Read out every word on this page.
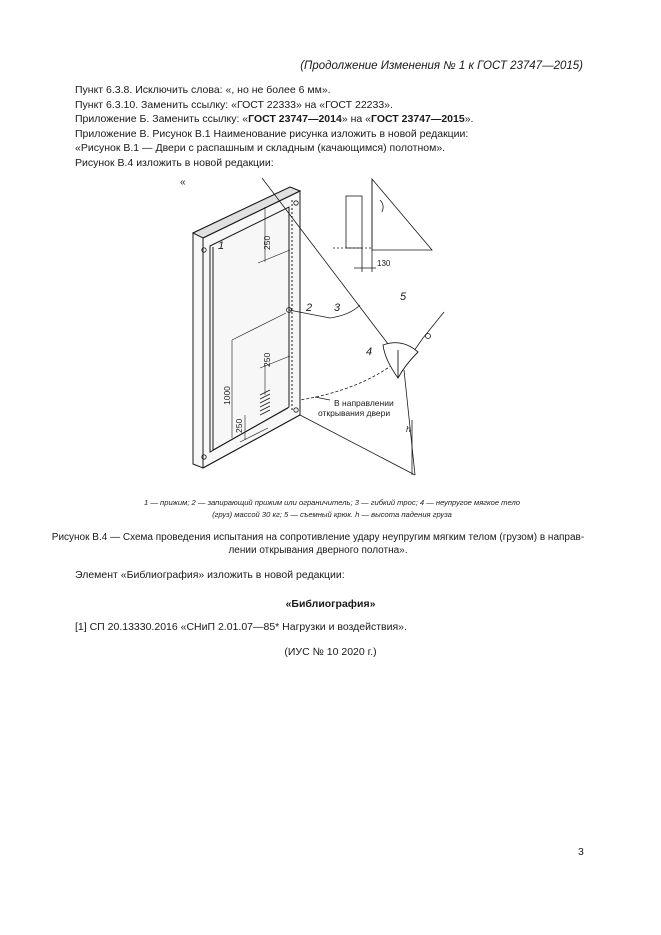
(Продолжение Изменения № 1 к ГОСТ 23747—2015)
Пункт 6.3.8. Исключить слова: «, но не более 6 мм».
Пункт 6.3.10. Заменить ссылку: «ГОСТ 22333» на «ГОСТ 22233».
Приложение Б. Заменить ссылку: «ГОСТ 23747—2014» на «ГОСТ 23747—2015».
Приложение В. Рисунок В.1 Наименование рисунка изложить в новой редакции:
«Рисунок В.1 — Двери с распашным и складным (качающимся) полотном».
Рисунок В.4 изложить в новой редакции:
«
250
250
1000
250
1
2 3
4
5
h
В направлении
открывания двери
130
1 — прижим; 2 — запирающий прижим или ограничитель; 3 — гибкий трос; 4 — неупругое мягкое тело
(груз) массой 30 кг; 5 — съемный крюк. h — высота падения груза
Рисунок В.4 — Схема проведения испытания на сопротивление удару неупругим мягким телом (грузом) в направ-
лении открывания дверного полотна».
Элемент «Библиография» изложить в новой редакции:
«Библиография»
[1] СП 20.13330.2016 «СНиП 2.01.07—85* Нагрузки и воздействия».
(ИУС № 10 2020 г.)
3
